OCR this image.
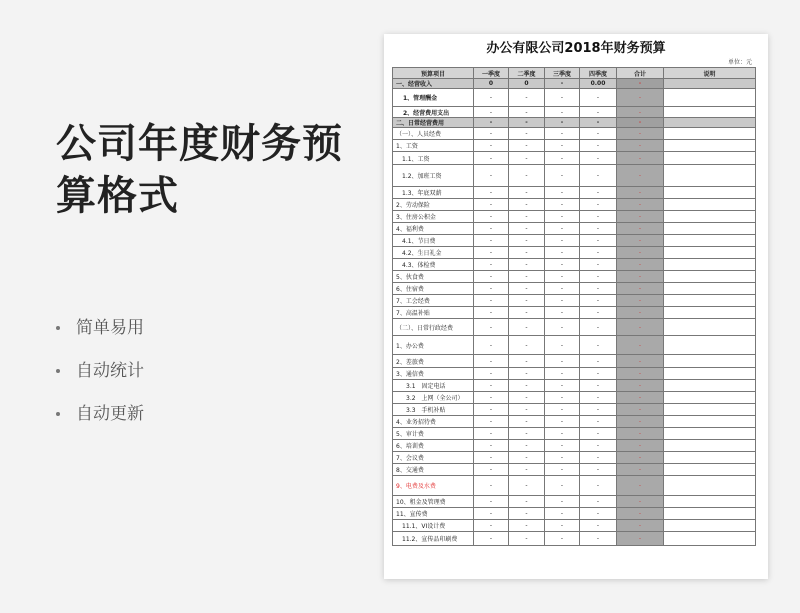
公司年度财务预算格式
简单易用
自动统计
自动更新
办公有限公司2018年财务预算
单位：元
预算项目	一季度	二季度	三季度	四季度	合计	说明
一、经营收入	0	0	-	0.00	-	
1、管理酬金	-	-	-	-	-	
2、经营费用支出	-	-	-	-	-	
二、日常经营费用	-	-	-	-	-	
（一）、人员经费	-	-	-	-	-	
1、工资	-	-	-	-	-	
1.1、工资	-	-	-	-	-	
1.2、加班工资	-	-	-	-	-	
1.3、年底双薪	-	-	-	-	-	
2、劳动保险	-	-	-	-	-	
3、住房公积金	-	-	-	-	-	
4、福利费	-	-	-	-	-	
4.1、节日费	-	-	-	-	-	
4.2、生日礼金	-	-	-	-	-	
4.3、体检费	-	-	-	-	-	
5、伙食费	-	-	-	-	-	
6、住宿费	-	-	-	-	-	
7、工会经费	-	-	-	-	-	
7、高温补贴	-	-	-	-	-	
（二）、日常行政经费	-	-	-	-	-	
1、办公费	-	-	-	-	-	
2、差旅费	-	-	-	-	-	
3、通信费	-	-	-	-	-	
3.1　固定电话	-	-	-	-	-	
3.2　上网（全公司）	-	-	-	-	-	
3.3　手机补贴	-	-	-	-	-	
4、业务招待费	-	-	-	-	-	
5、审计费	-	-	-	-	-	
6、培训费	-	-	-	-	-	
7、会议费	-	-	-	-	-	
8、交通费	-	-	-	-	-	
9、电费及水费	-	-	-	-	-	
10、租金及管理费	-	-	-	-	-	
11、宣传费	-	-	-	-	-	
11.1、VI设计费	-	-	-	-	-	
11.2、宣传品印刷费	-	-	-	-	-	
